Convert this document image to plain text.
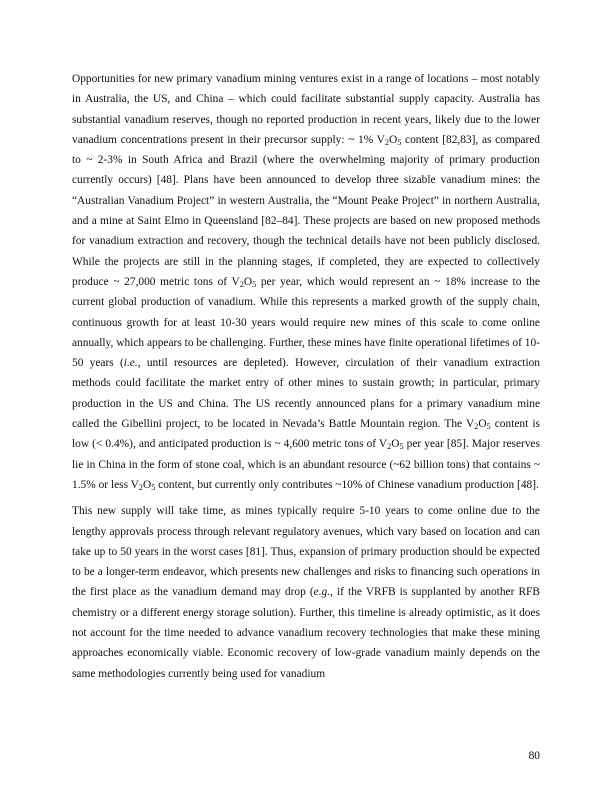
Opportunities for new primary vanadium mining ventures exist in a range of locations – most notably in Australia, the US, and China – which could facilitate substantial supply capacity. Australia has substantial vanadium reserves, though no reported production in recent years, likely due to the lower vanadium concentrations present in their precursor supply: ~ 1% $V_2O_5$ content [82,83], as compared to ~ 2-3% in South Africa and Brazil (where the overwhelming majority of primary production currently occurs) [48]. Plans have been announced to develop three sizable vanadium mines: the “Australian Vanadium Project” in western Australia, the “Mount Peake Project” in northern Australia, and a mine at Saint Elmo in Queensland [82–84]. These projects are based on new proposed methods for vanadium extraction and recovery, though the technical details have not been publicly disclosed. While the projects are still in the planning stages, if completed, they are expected to collectively produce ~ 27,000 metric tons of $V_2O_5$ per year, which would represent an ~ 18% increase to the current global production of vanadium. While this represents a marked growth of the supply chain, continuous growth for at least 10-30 years would require new mines of this scale to come online annually, which appears to be challenging. Further, these mines have finite operational lifetimes of 10-50 years (i.e., until resources are depleted). However, circulation of their vanadium extraction methods could facilitate the market entry of other mines to sustain growth; in particular, primary production in the US and China. The US recently announced plans for a primary vanadium mine called the Gibellini project, to be located in Nevada’s Battle Mountain region. The $V_2O_5$ content is low (< 0.4%), and anticipated production is ~ 4,600 metric tons of $V_2O_5$ per year [85]. Major reserves lie in China in the form of stone coal, which is an abundant resource (~62 billion tons) that contains ~ 1.5% or less $V_2O_5$ content, but currently only contributes ~10% of Chinese vanadium production [48].

This new supply will take time, as mines typically require 5-10 years to come online due to the lengthy approvals process through relevant regulatory avenues, which vary based on location and can take up to 50 years in the worst cases [81]. Thus, expansion of primary production should be expected to be a longer-term endeavor, which presents new challenges and risks to financing such operations in the first place as the vanadium demand may drop (e.g., if the VRFB is supplanted by another RFB chemistry or a different energy storage solution). Further, this timeline is already optimistic, as it does not account for the time needed to advance vanadium recovery technologies that make these mining approaches economically viable. Economic recovery of low-grade vanadium mainly depends on the same methodologies currently being used for vanadium

80
